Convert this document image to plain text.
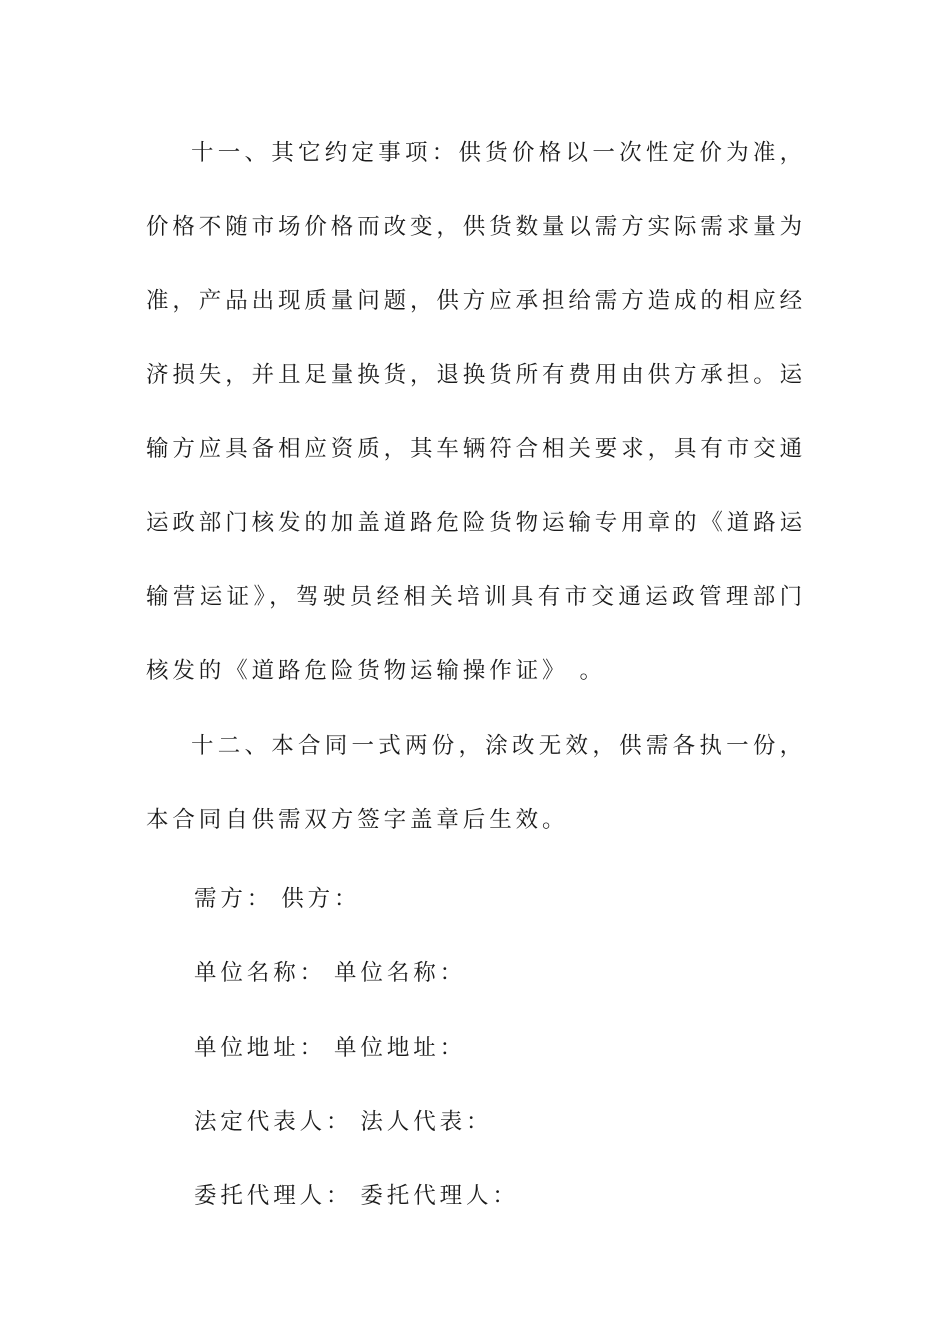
十一、其它约定事项：供货价格以一次性定价为准，价格不随市场价格而改变，供货数量以需方实际需求量为准，产品出现质量问题，供方应承担给需方造成的相应经济损失，并且足量换货，退换货所有费用由供方承担。运输方应具备相应资质，其车辆符合相关要求，具有市交通运政部门核发的加盖道路危险货物运输专用章的《道路运输营运证》，驾驶员经相关培训具有市交通运政管理部门核发的《道路危险货物运输操作证》 。

十二、本合同一式两份，涂改无效，供需各执一份，本合同自供需双方签字盖章后生效。

需方： 供方：
单位名称： 单位名称：
单位地址： 单位地址：
法定代表人： 法人代表：
委托代理人： 委托代理人：
